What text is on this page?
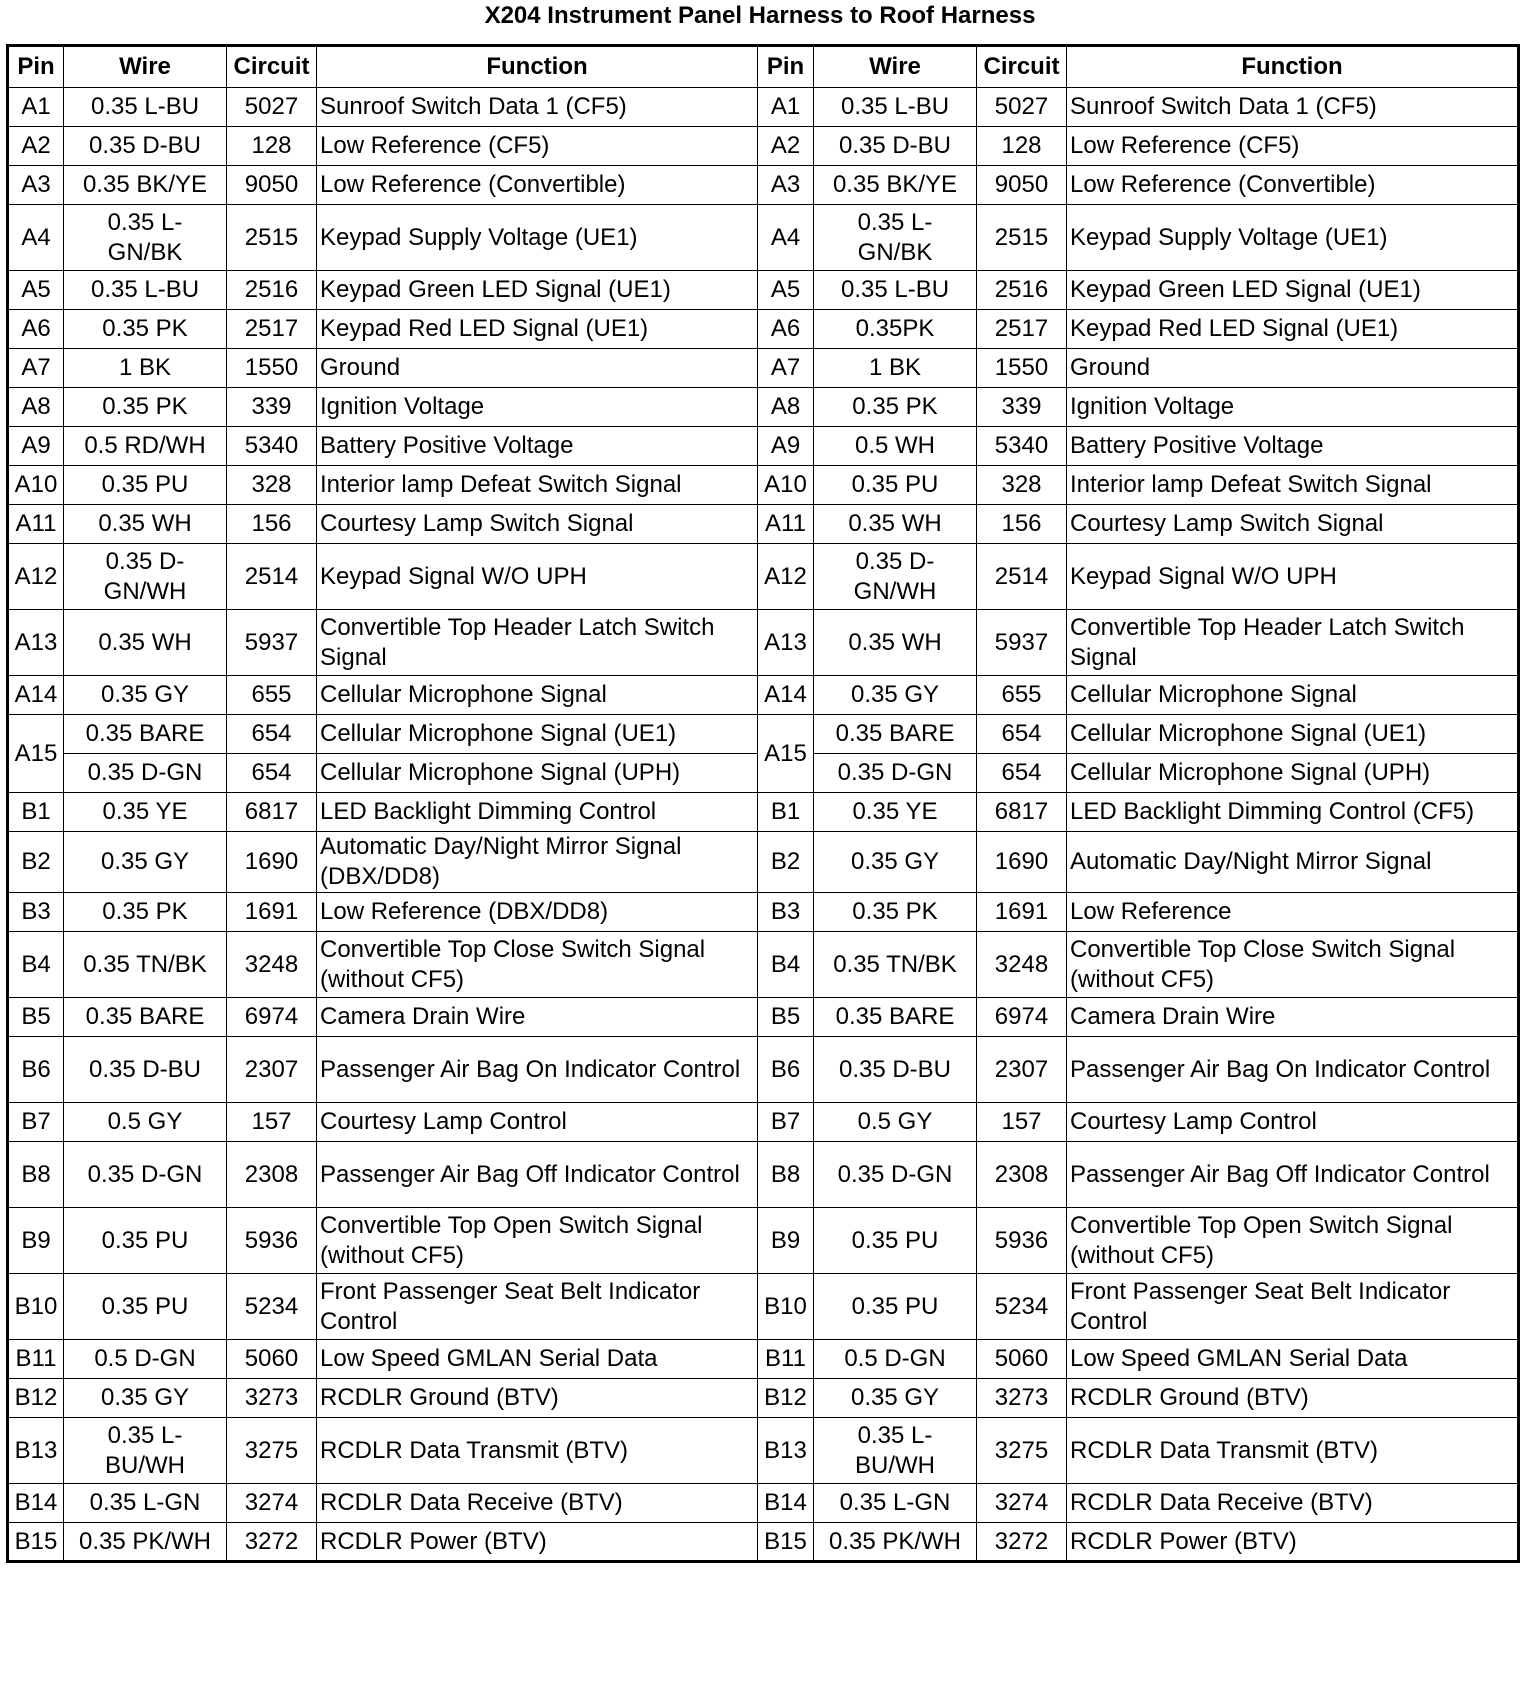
X204 Instrument Panel Harness to Roof Harness
Pin	Wire	Circuit	Function	Pin	Wire	Circuit	Function
A1	0.35 L-BU	5027	Sunroof Switch Data 1 (CF5)	A1	0.35 L-BU	5027	Sunroof Switch Data 1 (CF5)
A2	0.35 D-BU	128	Low Reference (CF5)	A2	0.35 D-BU	128	Low Reference (CF5)
A3	0.35 BK/YE	9050	Low Reference (Convertible)	A3	0.35 BK/YE	9050	Low Reference (Convertible)
A4	0.35 L-GN/BK	2515	Keypad Supply Voltage (UE1)	A4	0.35 L-GN/BK	2515	Keypad Supply Voltage (UE1)
A5	0.35 L-BU	2516	Keypad Green LED Signal (UE1)	A5	0.35 L-BU	2516	Keypad Green LED Signal (UE1)
A6	0.35 PK	2517	Keypad Red LED Signal (UE1)	A6	0.35PK	2517	Keypad Red LED Signal (UE1)
A7	1 BK	1550	Ground	A7	1 BK	1550	Ground
A8	0.35 PK	339	Ignition Voltage	A8	0.35 PK	339	Ignition Voltage
A9	0.5 RD/WH	5340	Battery Positive Voltage	A9	0.5 WH	5340	Battery Positive Voltage
A10	0.35 PU	328	Interior lamp Defeat Switch Signal	A10	0.35 PU	328	Interior lamp Defeat Switch Signal
A11	0.35 WH	156	Courtesy Lamp Switch Signal	A11	0.35 WH	156	Courtesy Lamp Switch Signal
A12	0.35 D-GN/WH	2514	Keypad Signal W/O UPH	A12	0.35 D-GN/WH	2514	Keypad Signal W/O UPH
A13	0.35 WH	5937	Convertible Top Header Latch Switch Signal	A13	0.35 WH	5937	Convertible Top Header Latch Switch Signal
A14	0.35 GY	655	Cellular Microphone Signal	A14	0.35 GY	655	Cellular Microphone Signal
A15	0.35 BARE	654	Cellular Microphone Signal (UE1)	A15	0.35 BARE	654	Cellular Microphone Signal (UE1)
	0.35 D-GN	654	Cellular Microphone Signal (UPH)		0.35 D-GN	654	Cellular Microphone Signal (UPH)
B1	0.35 YE	6817	LED Backlight Dimming Control	B1	0.35 YE	6817	LED Backlight Dimming Control (CF5)
B2	0.35 GY	1690	Automatic Day/Night Mirror Signal (DBX/DD8)	B2	0.35 GY	1690	Automatic Day/Night Mirror Signal
B3	0.35 PK	1691	Low Reference (DBX/DD8)	B3	0.35 PK	1691	Low Reference
B4	0.35 TN/BK	3248	Convertible Top Close Switch Signal (without CF5)	B4	0.35 TN/BK	3248	Convertible Top Close Switch Signal (without CF5)
B5	0.35 BARE	6974	Camera Drain Wire	B5	0.35 BARE	6974	Camera Drain Wire
B6	0.35 D-BU	2307	Passenger Air Bag On Indicator Control	B6	0.35 D-BU	2307	Passenger Air Bag On Indicator Control
B7	0.5 GY	157	Courtesy Lamp Control	B7	0.5 GY	157	Courtesy Lamp Control
B8	0.35 D-GN	2308	Passenger Air Bag Off Indicator Control	B8	0.35 D-GN	2308	Passenger Air Bag Off Indicator Control
B9	0.35 PU	5936	Convertible Top Open Switch Signal (without CF5)	B9	0.35 PU	5936	Convertible Top Open Switch Signal (without CF5)
B10	0.35 PU	5234	Front Passenger Seat Belt Indicator Control	B10	0.35 PU	5234	Front Passenger Seat Belt Indicator Control
B11	0.5 D-GN	5060	Low Speed GMLAN Serial Data	B11	0.5 D-GN	5060	Low Speed GMLAN Serial Data
B12	0.35 GY	3273	RCDLR Ground (BTV)	B12	0.35 GY	3273	RCDLR Ground (BTV)
B13	0.35 L-BU/WH	3275	RCDLR Data Transmit (BTV)	B13	0.35 L-BU/WH	3275	RCDLR Data Transmit (BTV)
B14	0.35 L-GN	3274	RCDLR Data Receive (BTV)	B14	0.35 L-GN	3274	RCDLR Data Receive (BTV)
B15	0.35 PK/WH	3272	RCDLR Power (BTV)	B15	0.35 PK/WH	3272	RCDLR Power (BTV)
